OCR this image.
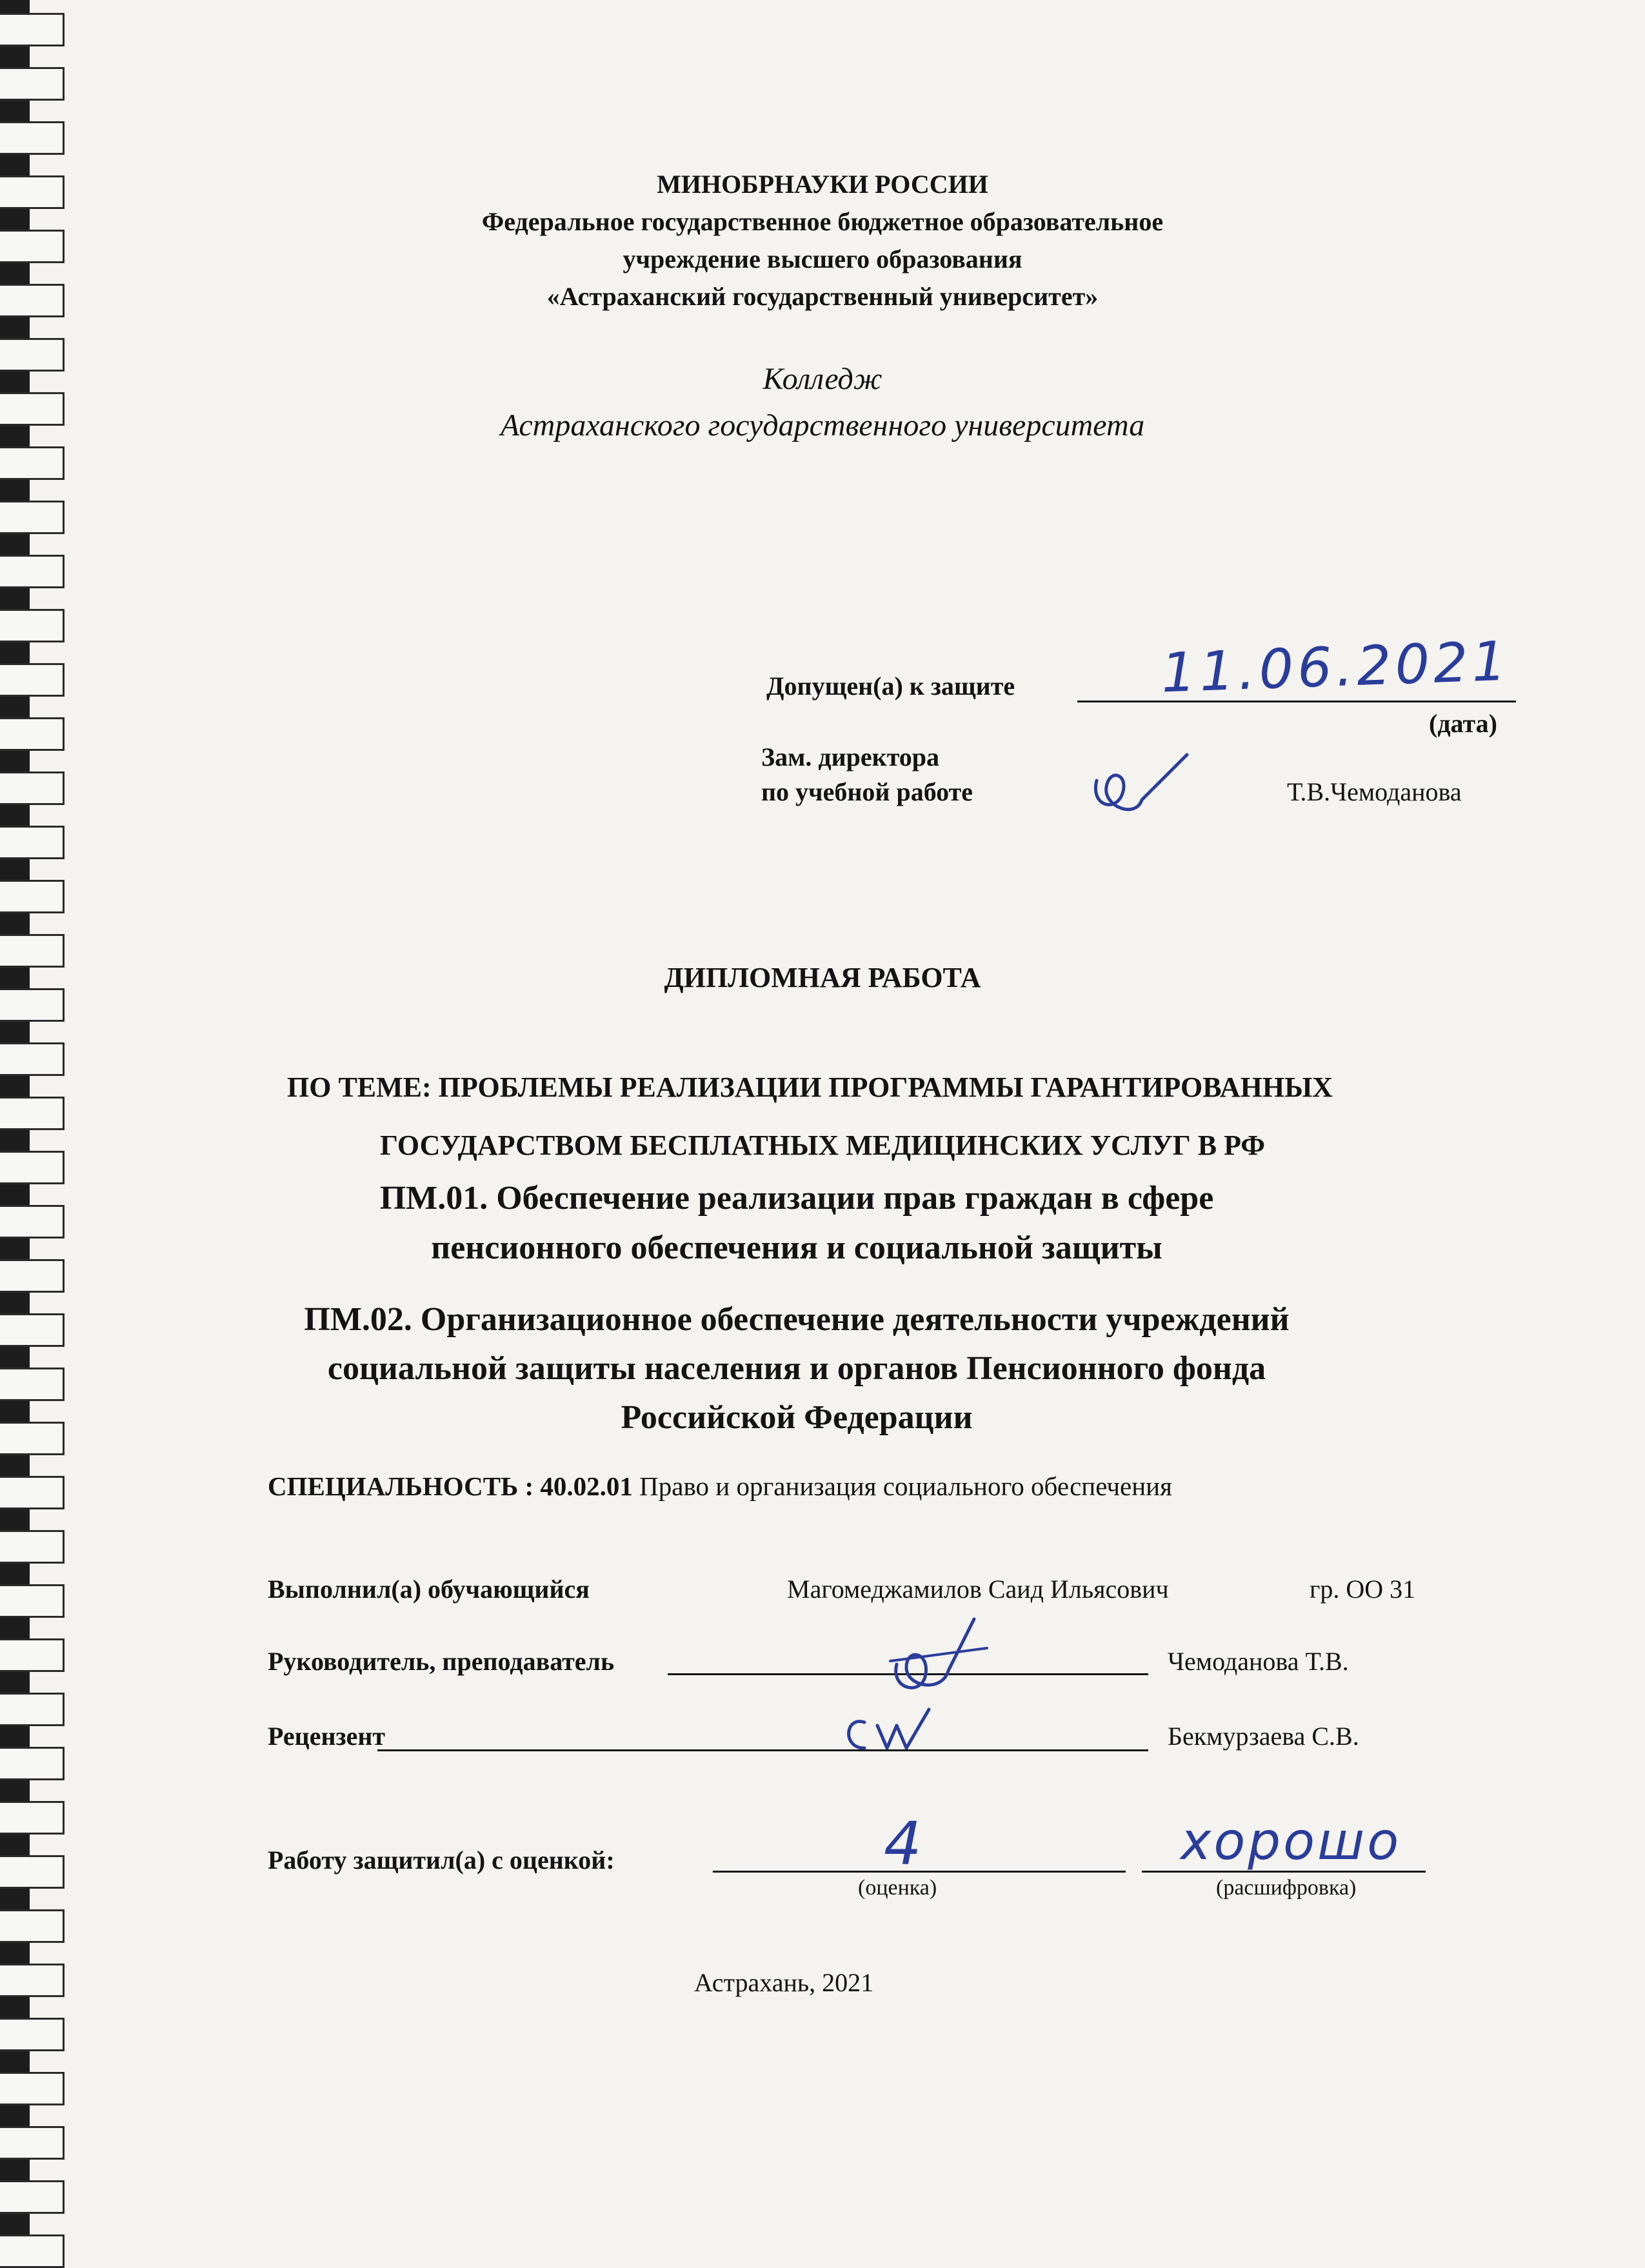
МИНОБРНАУКИ РОССИИ
Федеральное государственное бюджетное образовательное
учреждение высшего образования
«Астраханский государственный университет»
Колледж
Астраханского государственного университета
Допущен(а) к защите	11.06.2021
(дата)
Зам. директора
по учебной работе	Т.В.Чемоданова
ДИПЛОМНАЯ РАБОТА
ПО ТЕМЕ: ПРОБЛЕМЫ РЕАЛИЗАЦИИ ПРОГРАММЫ ГАРАНТИРОВАННЫХ
ГОСУДАРСТВОМ БЕСПЛАТНЫХ МЕДИЦИНСКИХ УСЛУГ В РФ
ПМ.01. Обеспечение реализации прав граждан в сфере
пенсионного обеспечения и социальной защиты
ПМ.02. Организационное обеспечение деятельности учреждений
социальной защиты населения и органов Пенсионного фонда
Российской Федерации
СПЕЦИАЛЬНОСТЬ : 40.02.01 Право и организация социального обеспечения
Выполнил(а) обучающийся	Магомеджамилов Саид Ильясович	гр. ОО 31
Руководитель, преподаватель	Чемоданова Т.В.
Рецензент	Бекмурзаева С.В.
Работу защитил(а) с оценкой:	4
(оценка)
хорошо
(расшифровка)
Астрахань, 2021
